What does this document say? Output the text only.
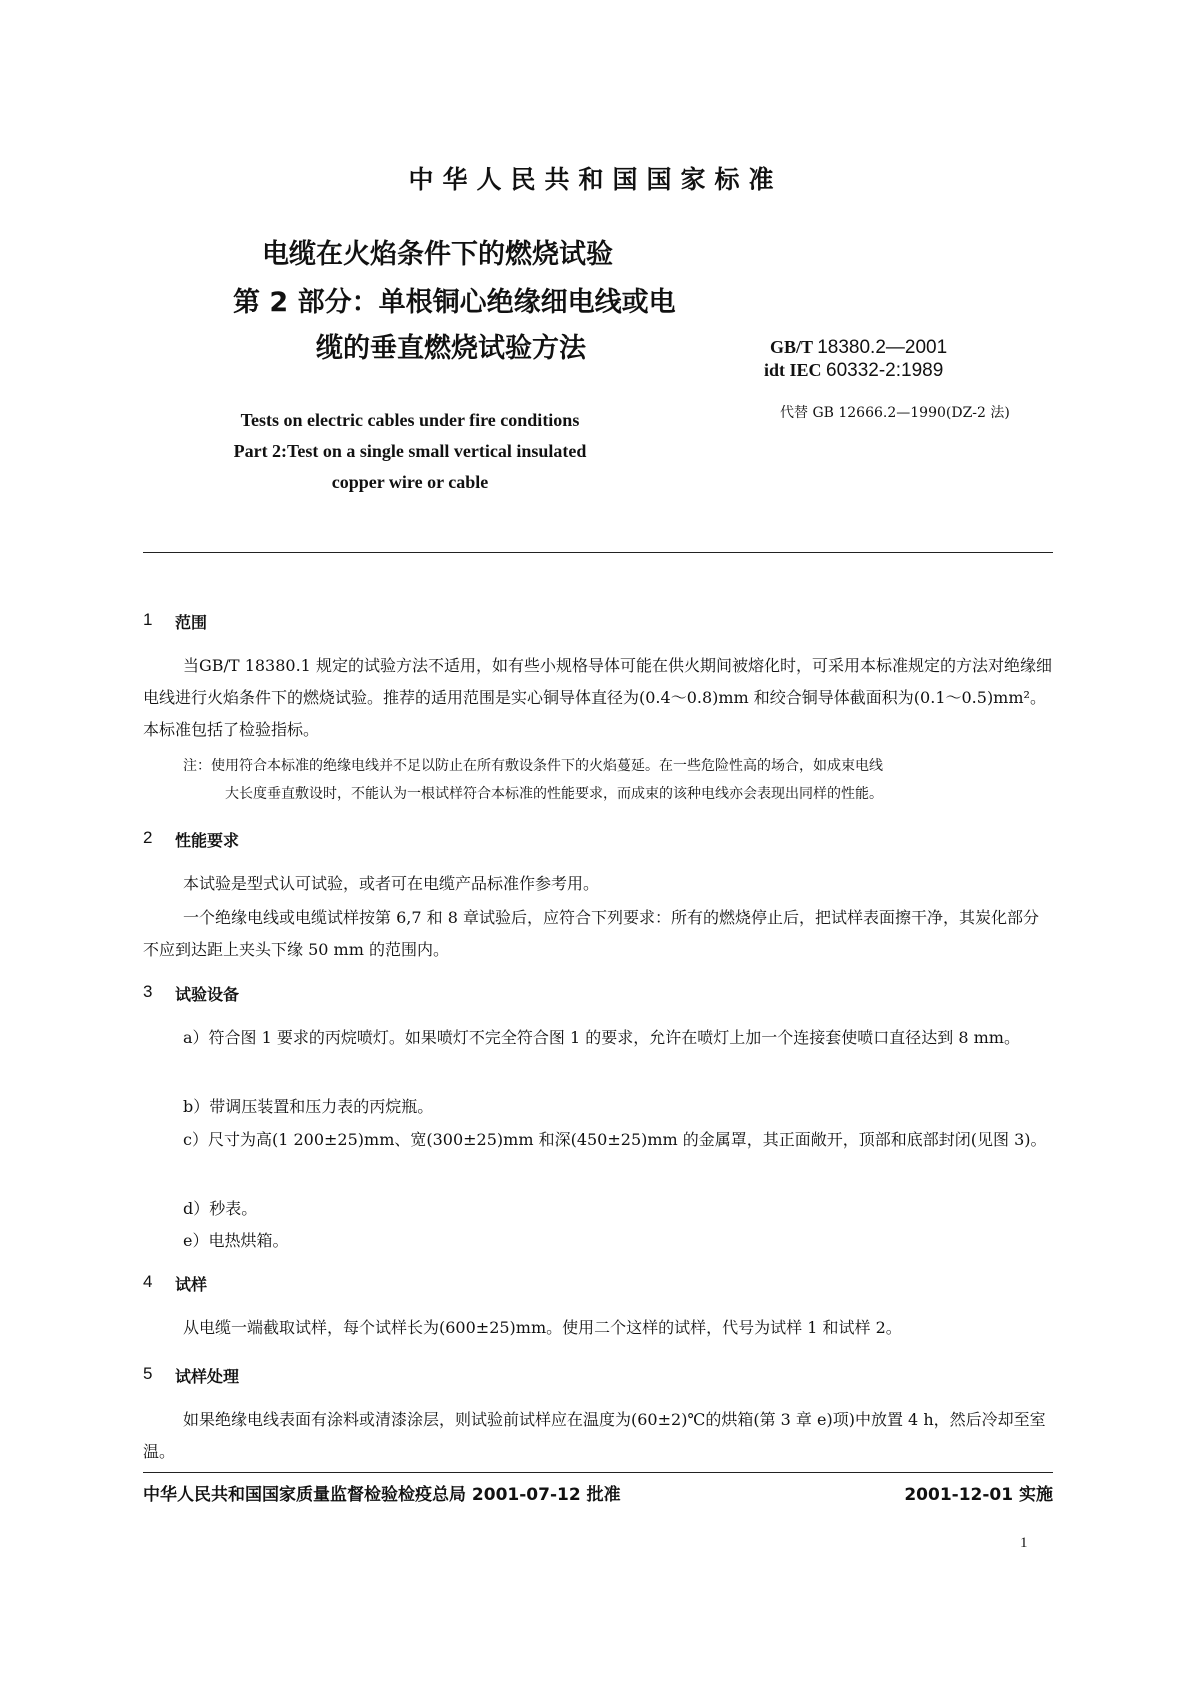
中华人民共和国国家标准
电缆在火焰条件下的燃烧试验
第 2 部分：单根铜心绝缘细电线或电
缆的垂直燃烧试验方法	GB/T 18380.2—2001
idt IEC 60332-2:1989
代替 GB 12666.2—1990(DZ-2 法)
Tests on electric cables under fire conditions
Part 2:Test on a single small vertical insulated
copper wire or cable
1 范围

当GB/T 18380.1 规定的试验方法不适用，如有些小规格导体可能在供火期间被熔化时，可采用本标准规定的方法对绝缘细电线进行火焰条件下的燃烧试验。推荐的适用范围是实心铜导体直径为(0.4～0.8)mm 和绞合铜导体截面积为(0.1～0.5)mm²。本标准包括了检验指标。

注：使用符合本标准的绝缘电线并不足以防止在所有敷设条件下的火焰蔓延。在一些危险性高的场合，如成束电线
大长度垂直敷设时，不能认为一根试样符合本标准的性能要求，而成束的该种电线亦会表现出同样的性能。
2 性能要求

本试验是型式认可试验，或者可在电缆产品标准作参考用。

一个绝缘电线或电缆试样按第 6,7 和 8 章试验后，应符合下列要求：所有的燃烧停止后，把试样表面擦干净，其炭化部分不应到达距上夹头下缘 50 mm 的范围内。

3 试验设备

a）符合图 1 要求的丙烷喷灯。如果喷灯不完全符合图 1 的要求，允许在喷灯上加一个连接套使喷口直径达到 8 mm。

b）带调压装置和压力表的丙烷瓶。

c）尺寸为高(1 200±25)mm、宽(300±25)mm 和深(450±25)mm 的金属罩，其正面敞开，顶部和底部封闭(见图 3)。

d）秒表。
e）电热烘箱。
4 试样

从电缆一端截取试样，每个试样长为(600±25)mm。使用二个这样的试样，代号为试样 1 和试样 2。

5 试样处理

如果绝缘电线表面有涂料或清漆涂层，则试验前试样应在温度为(60±2)℃的烘箱(第 3 章 e)项)中放置 4 h，然后冷却至室温。

中华人民共和国国家质量监督检验检疫总局 2001-07-12 批准	2001-12-01 实施
1
